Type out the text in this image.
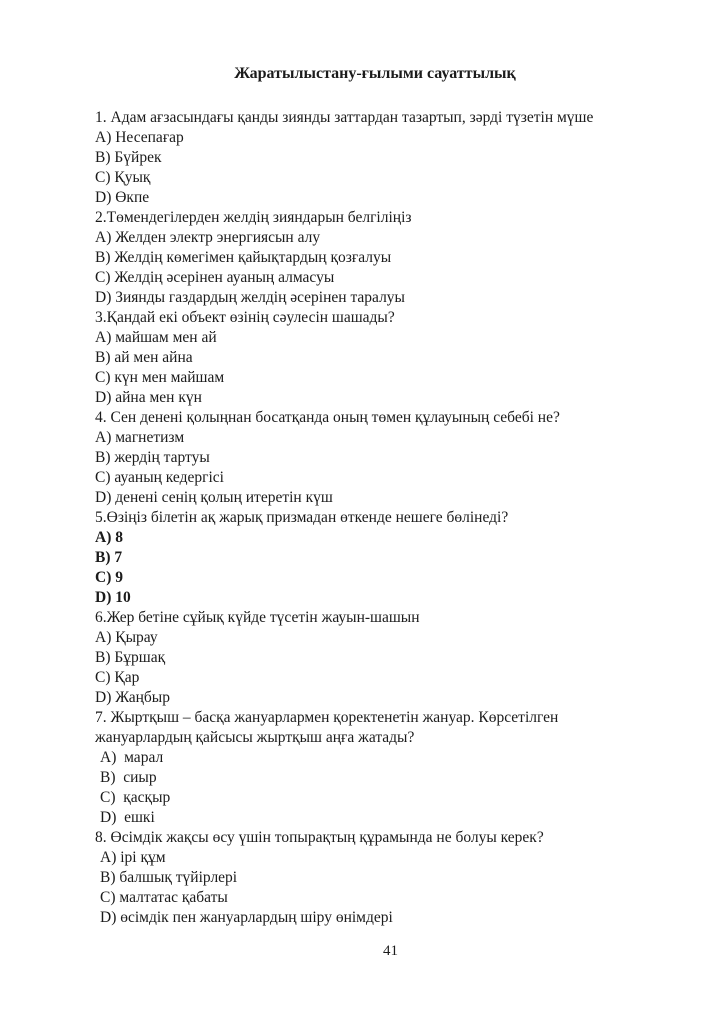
Жаратылыстану-ғылыми сауаттылық
1. Адам ағзасындағы қанды зиянды заттардан тазартып, зәрді түзетін мүше
A) Несепағар
B) Бүйрек
C) Қуық
D) Өкпе
2.Төмендегілерден желдің зияндарын белгіліңіз
A) Желден электр энергиясын алу
B) Желдің көмегімен қайықтардың қозғалуы
C) Желдің әсерінен ауаның алмасуы
D) Зиянды газдардың желдің әсерінен таралуы
3.Қандай екі объект өзінің сәулесін шашады?
A) майшам мен ай
B) ай мен айна
C) күн мен майшам
D) айна мен күн
4. Сен денені қолыңнан босатқанда оның төмен құлауының себебі не?
A) магнетизм
B) жердің тартуы
C) ауаның кедергісі
D) денені сенің қолың итеретін күш
5.Өзіңіз білетін ақ жарық призмадан өткенде нешеге бөлінеді?
A) 8
B) 7
C) 9
D) 10
6.Жер бетіне сұйық күйде түсетін жауын-шашын
A) Қырау
B) Бұршақ
C) Қар
D) Жаңбыр
7. Жыртқыш – басқа жануарлармен қоректенетін жануар. Көрсетілген жануарлардың қайсысы жыртқыш аңға жатады?
A)  марал
B)  сиыр
C)  қасқыр
D)  ешкі
8. Өсімдік жақсы өсу үшін топырақтың құрамында не болуы керек?
A) ірі құм
B) балшық түйірлері
C) малтатас қабаты
D) өсімдік пен жануарлардың шіру өнімдері
41
